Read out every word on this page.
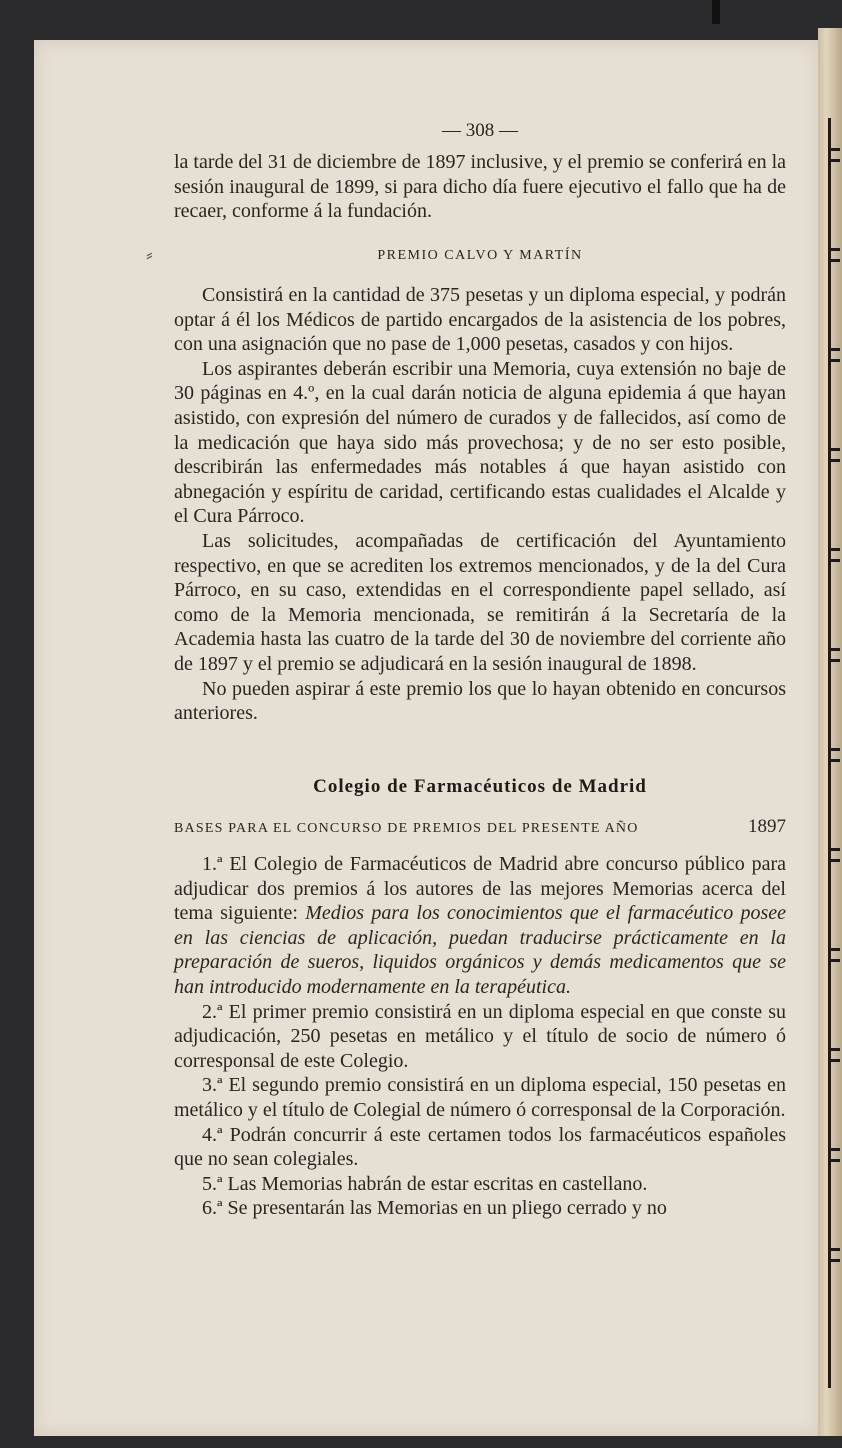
— 308 —

la tarde del 31 de diciembre de 1897 inclusive, y el premio se conferirá en la sesión inaugural de 1899, si para dicho día fuere ejecutivo el fallo que ha de recaer, conforme á la fundación.

⸗	PREMIO CALVO Y MARTÍN

Consistirá en la cantidad de 375 pesetas y un diploma especial, y podrán optar á él los Médicos de partido encargados de la asistencia de los pobres, con una asignación que no pase de 1,000 pesetas, casados y con hijos.

Los aspirantes deberán escribir una Memoria, cuya extensión no baje de 30 páginas en 4.º, en la cual darán noticia de alguna epidemia á que hayan asistido, con expresión del número de curados y de fallecidos, así como de la medicación que haya sido más provechosa; y de no ser esto posible, describirán las enfermedades más notables á que hayan asistido con abnegación y espíritu de caridad, certificando estas cualidades el Alcalde y el Cura Párroco.

Las solicitudes, acompañadas de certificación del Ayuntamiento respectivo, en que se acrediten los extremos mencionados, y de la del Cura Párroco, en su caso, extendidas en el correspondiente papel sellado, así como de la Memoria mencionada, se remitirán á la Secretaría de la Academia hasta las cuatro de la tarde del 30 de noviembre del corriente año de 1897 y el premio se adjudicará en la sesión inaugural de 1898.

No pueden aspirar á este premio los que lo hayan obtenido en concursos anteriores.

Colegio de Farmacéuticos de Madrid
BASES PARA EL CONCURSO DE PREMIOS DEL PRESENTE AÑO	1897

1.ª El Colegio de Farmacéuticos de Madrid abre concurso público para adjudicar dos premios á los autores de las mejores Memorias acerca del tema siguiente: Medios para los conocimientos que el farmacéutico posee en las ciencias de aplicación, puedan traducirse prácticamente en la preparación de sueros, liquidos orgánicos y demás medicamentos que se han introducido modernamente en la terapéutica.

2.ª El primer premio consistirá en un diploma especial en que conste su adjudicación, 250 pesetas en metálico y el título de socio de número ó corresponsal de este Colegio.

3.ª El segundo premio consistirá en un diploma especial, 150 pesetas en metálico y el título de Colegial de número ó corresponsal de la Corporación.

4.ª Podrán concurrir á este certamen todos los farmacéuticos españoles que no sean colegiales.

5.ª Las Memorias habrán de estar escritas en castellano.

6.ª Se presentarán las Memorias en un pliego cerrado y no
